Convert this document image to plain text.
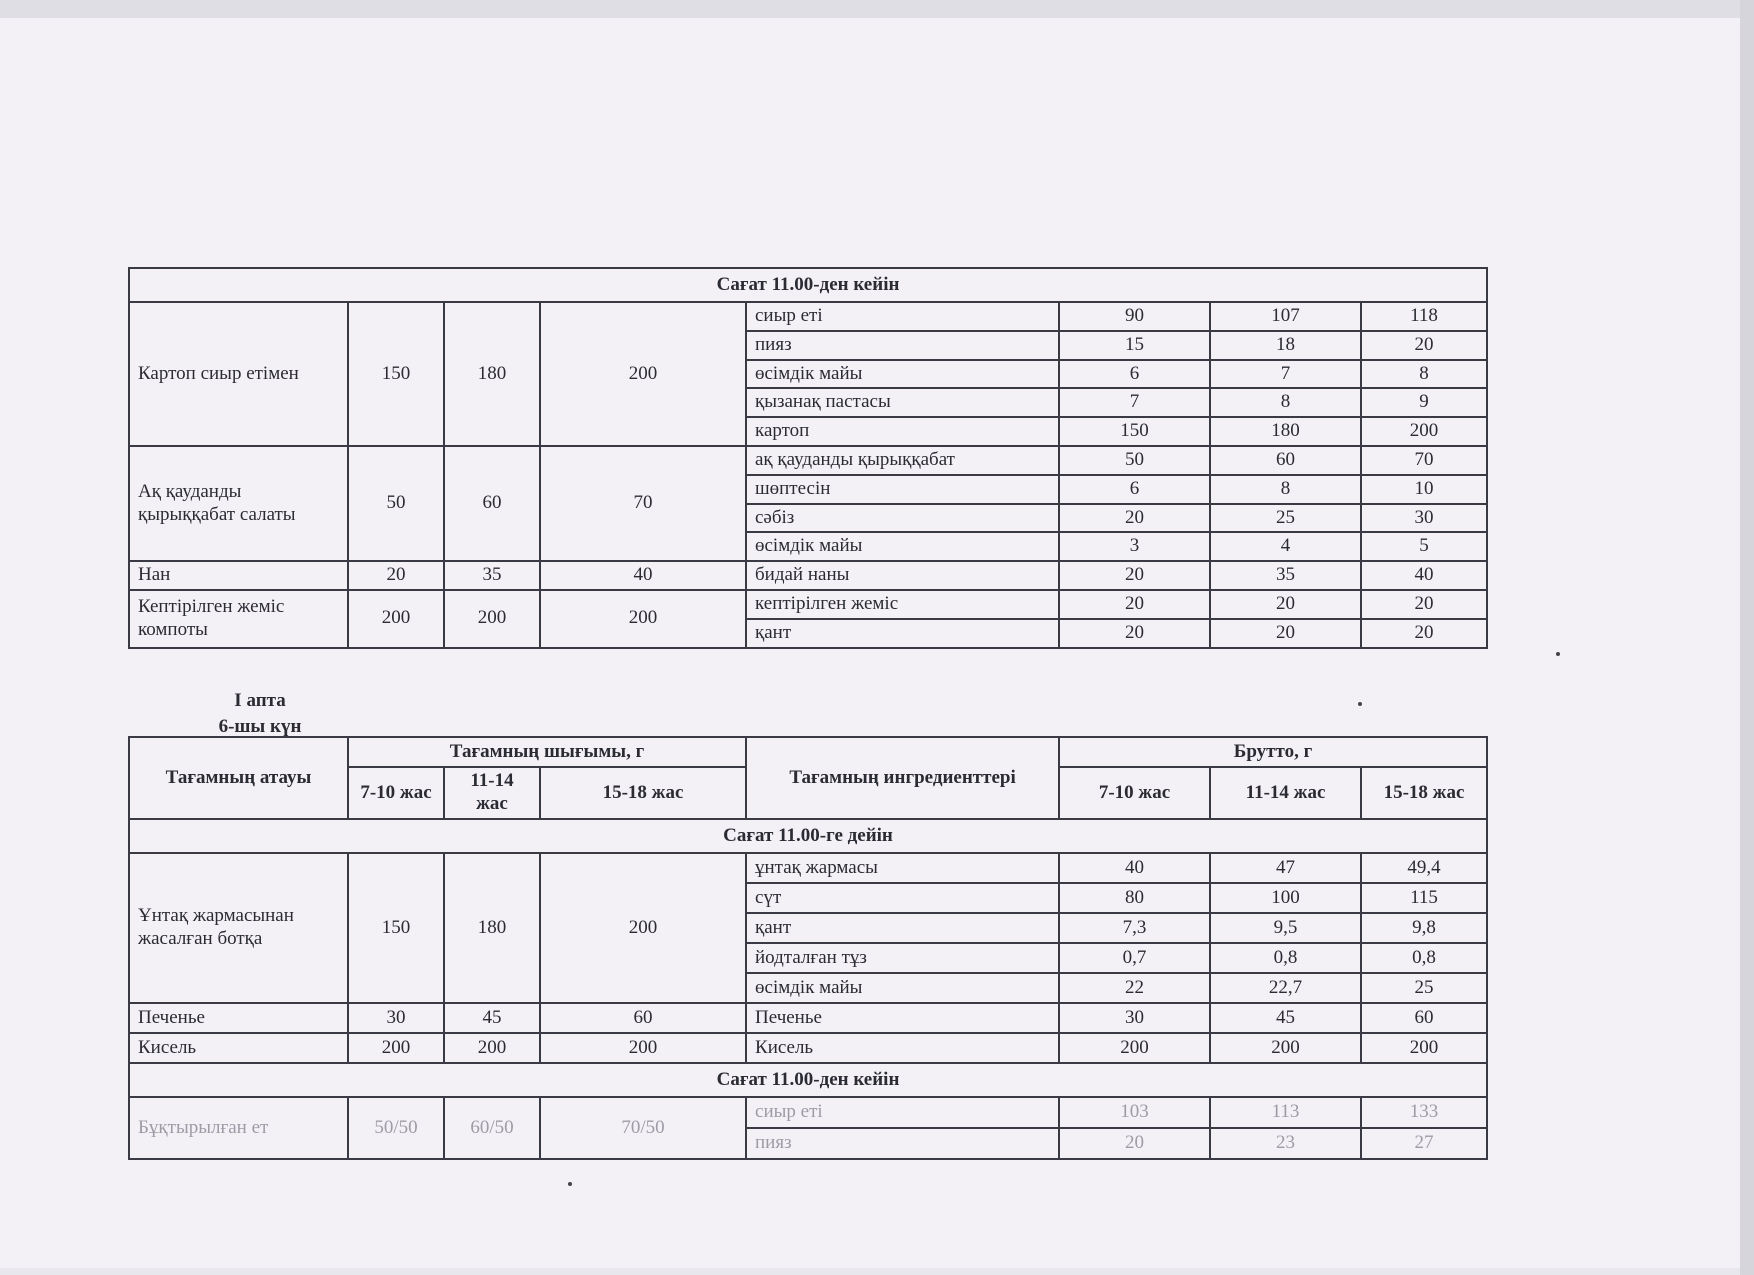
Сағат 11.00-ден кейін							
Картоп сиыр етімен	150	180	200	сиыр еті	90	107	118
				пияз	15	18	20
				өсімдік майы	6	7	8
				қызанақ пастасы	7	8	9
				картоп	150	180	200
Ақ қауданды қырыққабат салаты	50	60	70	ақ қауданды қырыққабат	50	60	70
				шөптесін	6	8	10
				сәбіз	20	25	30
				өсімдік майы	3	4	5
Нан	20	35	40	бидай наны	20	35	40
Кептірілген жеміс компоты	200	200	200	кептірілген жеміс	20	20	20
				қант	20	20	20
I апта
6-шы күн
Тағамның атауы	Тағамның шығымы, г			Тағамның ингредиенттері	Брутто, г		
	7-10 жас	11-14 жас	15-18 жас		7-10 жас	11-14 жас	15-18 жас
Сағат 11.00-ге дейін							
Ұнтақ жармасынан жасалған ботқа	150	180	200	ұнтақ жармасы	40	47	49,4
				сүт	80	100	115
				қант	7,3	9,5	9,8
				йодталған тұз	0,7	0,8	0,8
				өсімдік майы	22	22,7	25
Печенье	30	45	60	Печенье	30	45	60
Кисель	200	200	200	Кисель	200	200	200
Сағат 11.00-ден кейін							
Бұқтырылған ет	50/50	60/50	70/50	сиыр еті	103	113	133
				пияз	20	23	27
